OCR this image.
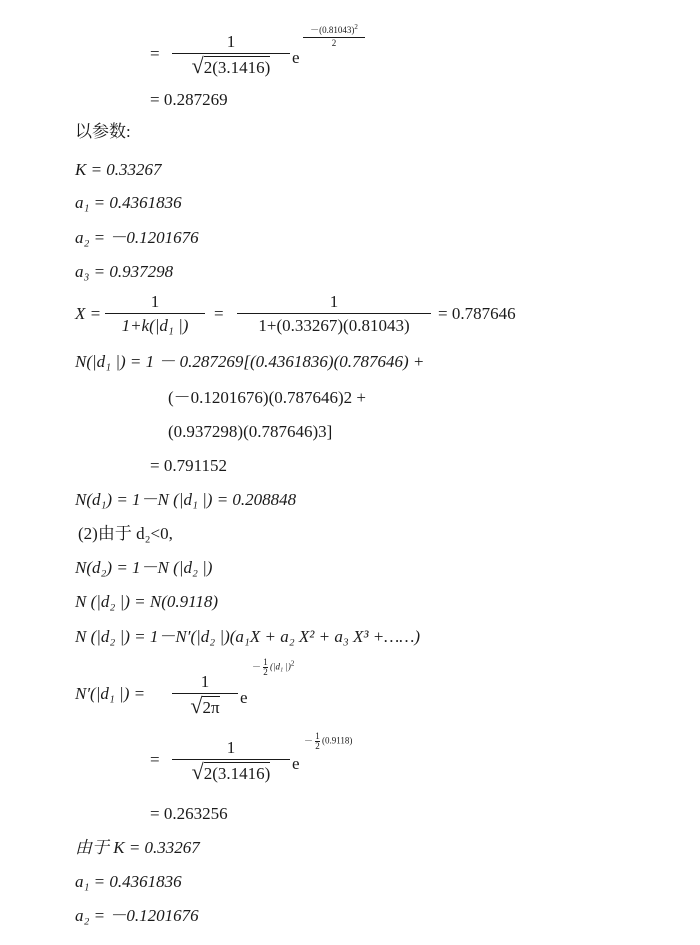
=
1
√2(3.1416)
e
$-(0.81043)^2$
2
= 0.287269
以参数:
K = 0.33267
a₁ = 0.4361836
a₂ = －0.1201676
a₃ = 0.937298
X =
1
1+k(|d₁ |)
=
1
1+(0.33267)(0.81043)
= 0.787646
N(|d₁ |) = 1 － 0.287269[(0.4361836)(0.787646) +
(－0.1201676)(0.787646)2 +
(0.937298)(0.787646)3]
= 0.791152
N(d₁) = 1－N (|d₁ |) = 0.208848
(2)由于 d₂<0,
N(d₂) = 1－N (|d₂ |)
N (|d₂ |) = N(0.9118)
N (|d₂ |) = 1－N′(|d₂ |)(a₁X + a₂ X² + a₃ X³ +……)
N′(|d₁ |) =
1
√2π
e
－ $\frac{1}{2} (|d_1$ |)$^2$
=
1
√2(3.1416)
e
－ $\frac{1}{2} (0.9118)$
= 0.263256
由于 K = 0.33267
a₁ = 0.4361836
a₂ = －0.1201676
